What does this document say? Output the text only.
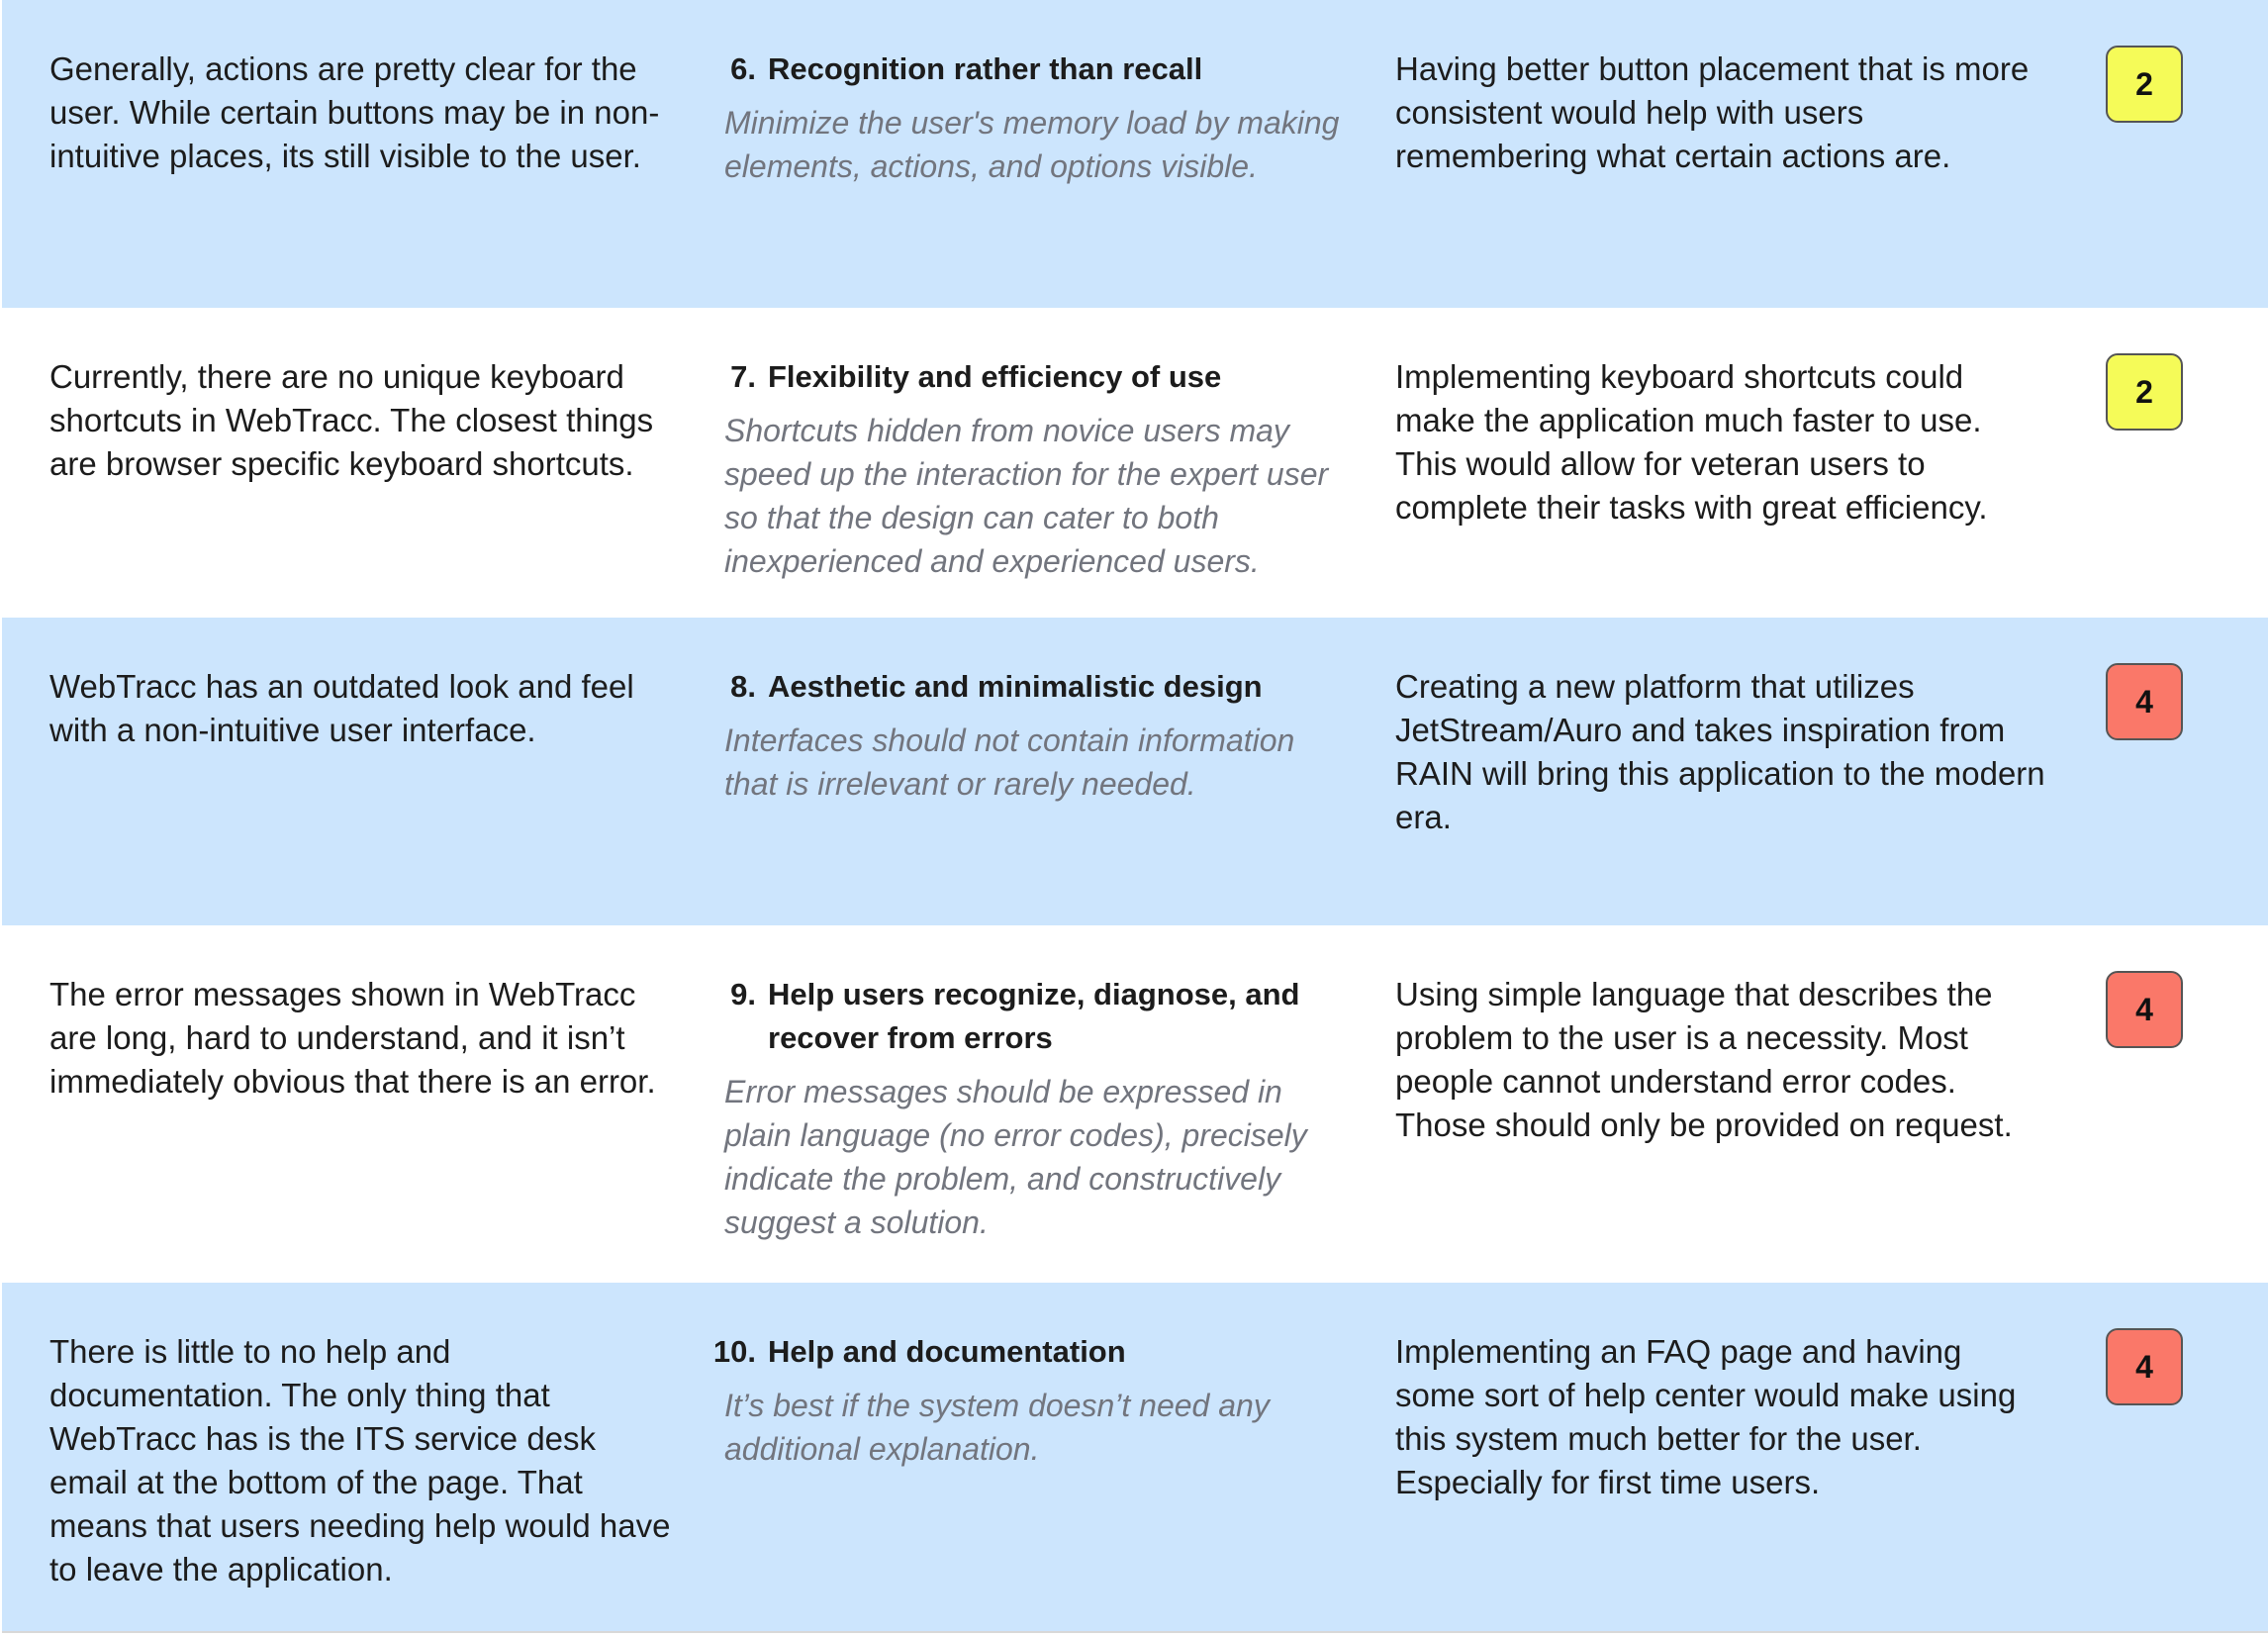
Generally, actions are pretty clear for the user. While certain buttons may be in non-intuitive places, its still visible to the user.
6. Recognition rather than recall
Minimize the user's memory load by making elements, actions, and options visible.
Having better button placement that is more consistent would help with users remembering what certain actions are.
2
Currently, there are no unique keyboard shortcuts in WebTracc. The closest things are browser specific keyboard shortcuts.
7. Flexibility and efficiency of use
Shortcuts hidden from novice users may speed up the interaction for the expert user so that the design can cater to both inexperienced and experienced users.
Implementing keyboard shortcuts could make the application much faster to use. This would allow for veteran users to complete their tasks with great efficiency.
2
WebTracc has an outdated look and feel with a non-intuitive user interface.
8. Aesthetic and minimalistic design
Interfaces should not contain information that is irrelevant or rarely needed.
Creating a new platform that utilizes JetStream/Auro and takes inspiration from RAIN will bring this application to the modern era.
4
The error messages shown in WebTracc are long, hard to understand, and it isn’t immediately obvious that there is an error.
9. Help users recognize, diagnose, and recover from errors
Error messages should be expressed in plain language (no error codes), precisely indicate the problem, and constructively suggest a solution.
Using simple language that describes the problem to the user is a necessity. Most people cannot understand error codes. Those should only be provided on request.
4
There is little to no help and documentation. The only thing that WebTracc has is the ITS service desk email at the bottom of the page. That means that users needing help would have to leave the application.
10. Help and documentation
It’s best if the system doesn’t need any additional explanation.
Implementing an FAQ page and having some sort of help center would make using this system much better for the user. Especially for first time users.
4
